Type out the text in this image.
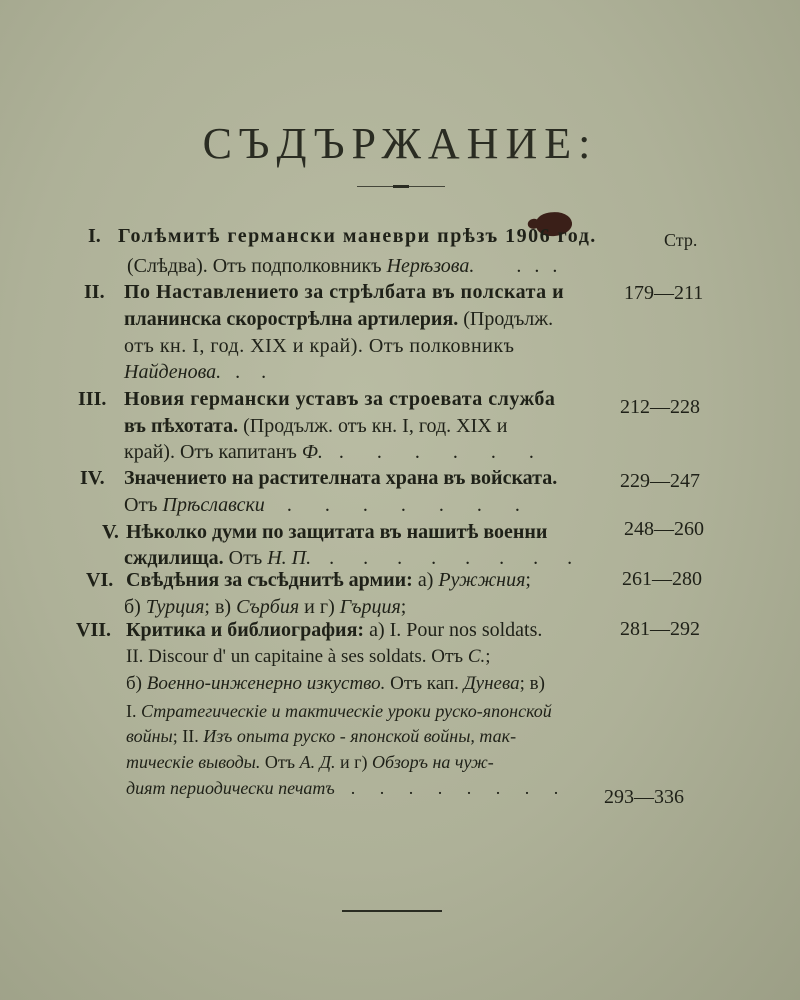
СЪДЪРЖАНИЕ:
Стр.
I. Голѣмитѣ германски маневри прѣзъ 1906 год.
(Слѣдва). Отъ подполковникъ Нерѣзова. . . .
179—211
II. По Наставлението за стрѣлбата въ полската и
планинска скорострѣлна артилерия. (Продълж.
отъ кн. I, год. XIX и край). Отъ полковникъ
Найденова. . .
212—228
III. Новия германски уставъ за строевата служба
въ пѣхотата. (Продълж. отъ кн. I, год. XIX и
край). Отъ капитанъ Ф. . . . . . .
229—247
IV. Значението на растителната храна въ войската.
Отъ Прѣславски . . . . . . .
248—260
V. Нѣколко думи по защитата въ нашитѣ военни
сждилища. Отъ Н. П. . . . . . . . .
261—280
VI. Свѣдѣния за съсѣднитѣ армии: а) Ружжния;
б) Турция; в) Сърбия и г) Гърция;
281—292
VII. Критика и библиография: а) I. Pour nos soldats.
II. Discour d' un capitaine à ses soldats. Отъ С.;
б) Военно-инженерно изкуство. Отъ кап. Дунева; в)
I. Стратегическіе и тактическіе уроки руско-японской
войны; II. Изъ опыта руско - японской войны, так-
тическіе выводы. Отъ А. Д. и г) Обзоръ на чуж-
дият периодически печатъ . . . . . . . . 293—336
